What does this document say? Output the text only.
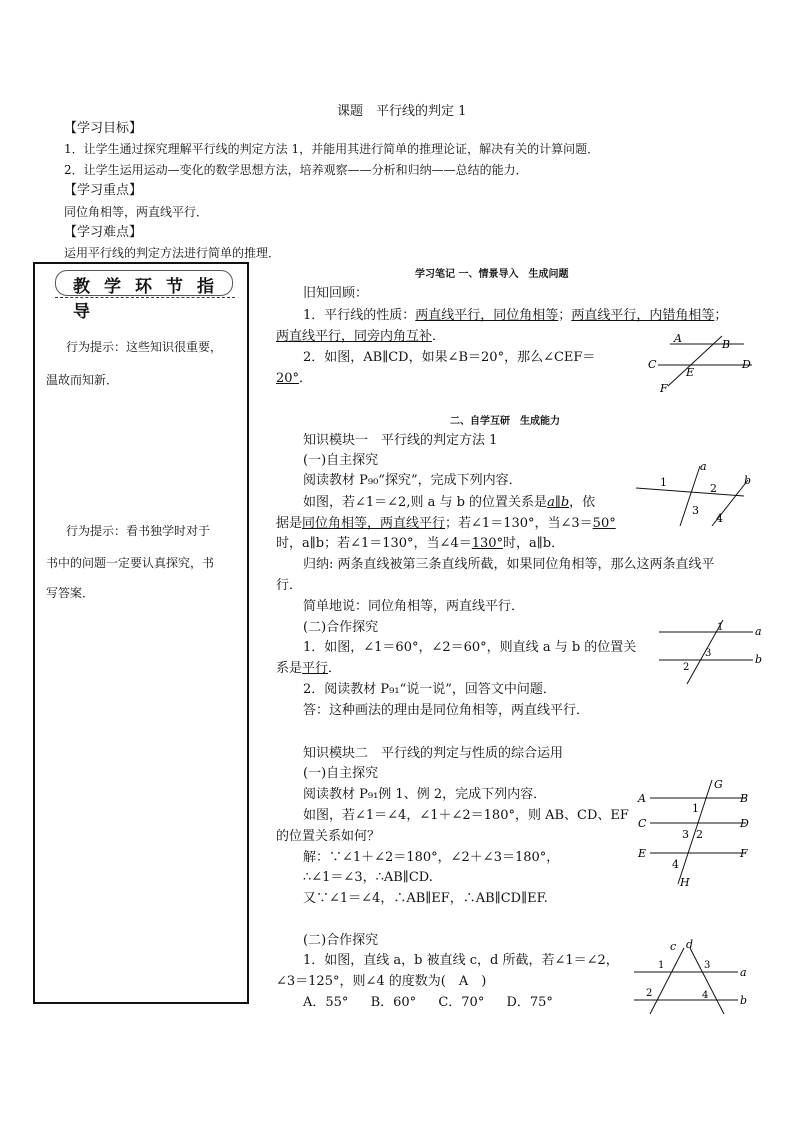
课题　平行线的判定 1
【学习目标】
1．让学生通过探究理解平行线的判定方法 1，并能用其进行简单的推理论证，解决有关的计算问题．
2．让学生运用运动—变化的数学思想方法，培养观察——分析和归纳——总结的能力．
【学习重点】
同位角相等，两直线平行．
【学习难点】
运用平行线的判定方法进行简单的推理．
教学环节指导
行为提示：这些知识很重要，
温故而知新．
行为提示：看书独学时对于
书中的问题一定要认真探究，书
写答案．
学习笔记 一、情景导入　生成问题
旧知回顾：
1．平行线的性质：两直线平行，同位角相等；两直线平行，内错角相等；
两直线平行，同旁内角互补．
2．如图，AB∥CD，如果∠B＝20°，那么∠CEF＝
20°．
A	B
C	D
E
F
二、自学互研　生成能力
知识模块一　平行线的判定方法 1
(一)自主探究
阅读教材 P₉₀“探究”，完成下列内容．
如图，若∠1＝∠2,则 a 与 b 的位置关系是a∥b，依
据是同位角相等，两直线平行；若∠1＝130°，当∠3＝50°
时，a∥b；若∠1＝130°，当∠4＝130°时，a∥b．
归纳: 两条直线被第三条直线所截，如果同位角相等，那么这两条直线平
行．
简单地说：同位角相等，两直线平行．
(二)合作探究
1．如图，∠1＝60°，∠2＝60°，则直线 a 与 b 的位置关
系是平行．
2．阅读教材 P₉₁“说一说”，回答文中问题．
答：这种画法的理由是同位角相等，两直线平行．
a
b
1	2
3
4
1
2
3
a
b
知识模块二　平行线的判定与性质的综合运用
(一)自主探究
阅读教材 P₉₁例 1、例 2，完成下列内容．
如图，若∠1＝∠4，∠1＋∠2＝180°，则 AB、CD、EF
的位置关系如何？
解：∵∠1＋∠2＝180°，∠2＋∠3＝180°，
∴∠1＝∠3，∴AB∥CD.
又∵∠1＝∠4，∴AB∥EF，∴AB∥CD∥EF.
(二)合作探究
1．如图，直线 a，b 被直线 c，d 所截，若∠1＝∠2，
∠3＝125°，则∠4 的度数为(　A　)
A．55° B．60° C．70° D．75°
A	B
C	D
E	F
G
H
1
2
3
4
c d
1
2
3
4
a
b
